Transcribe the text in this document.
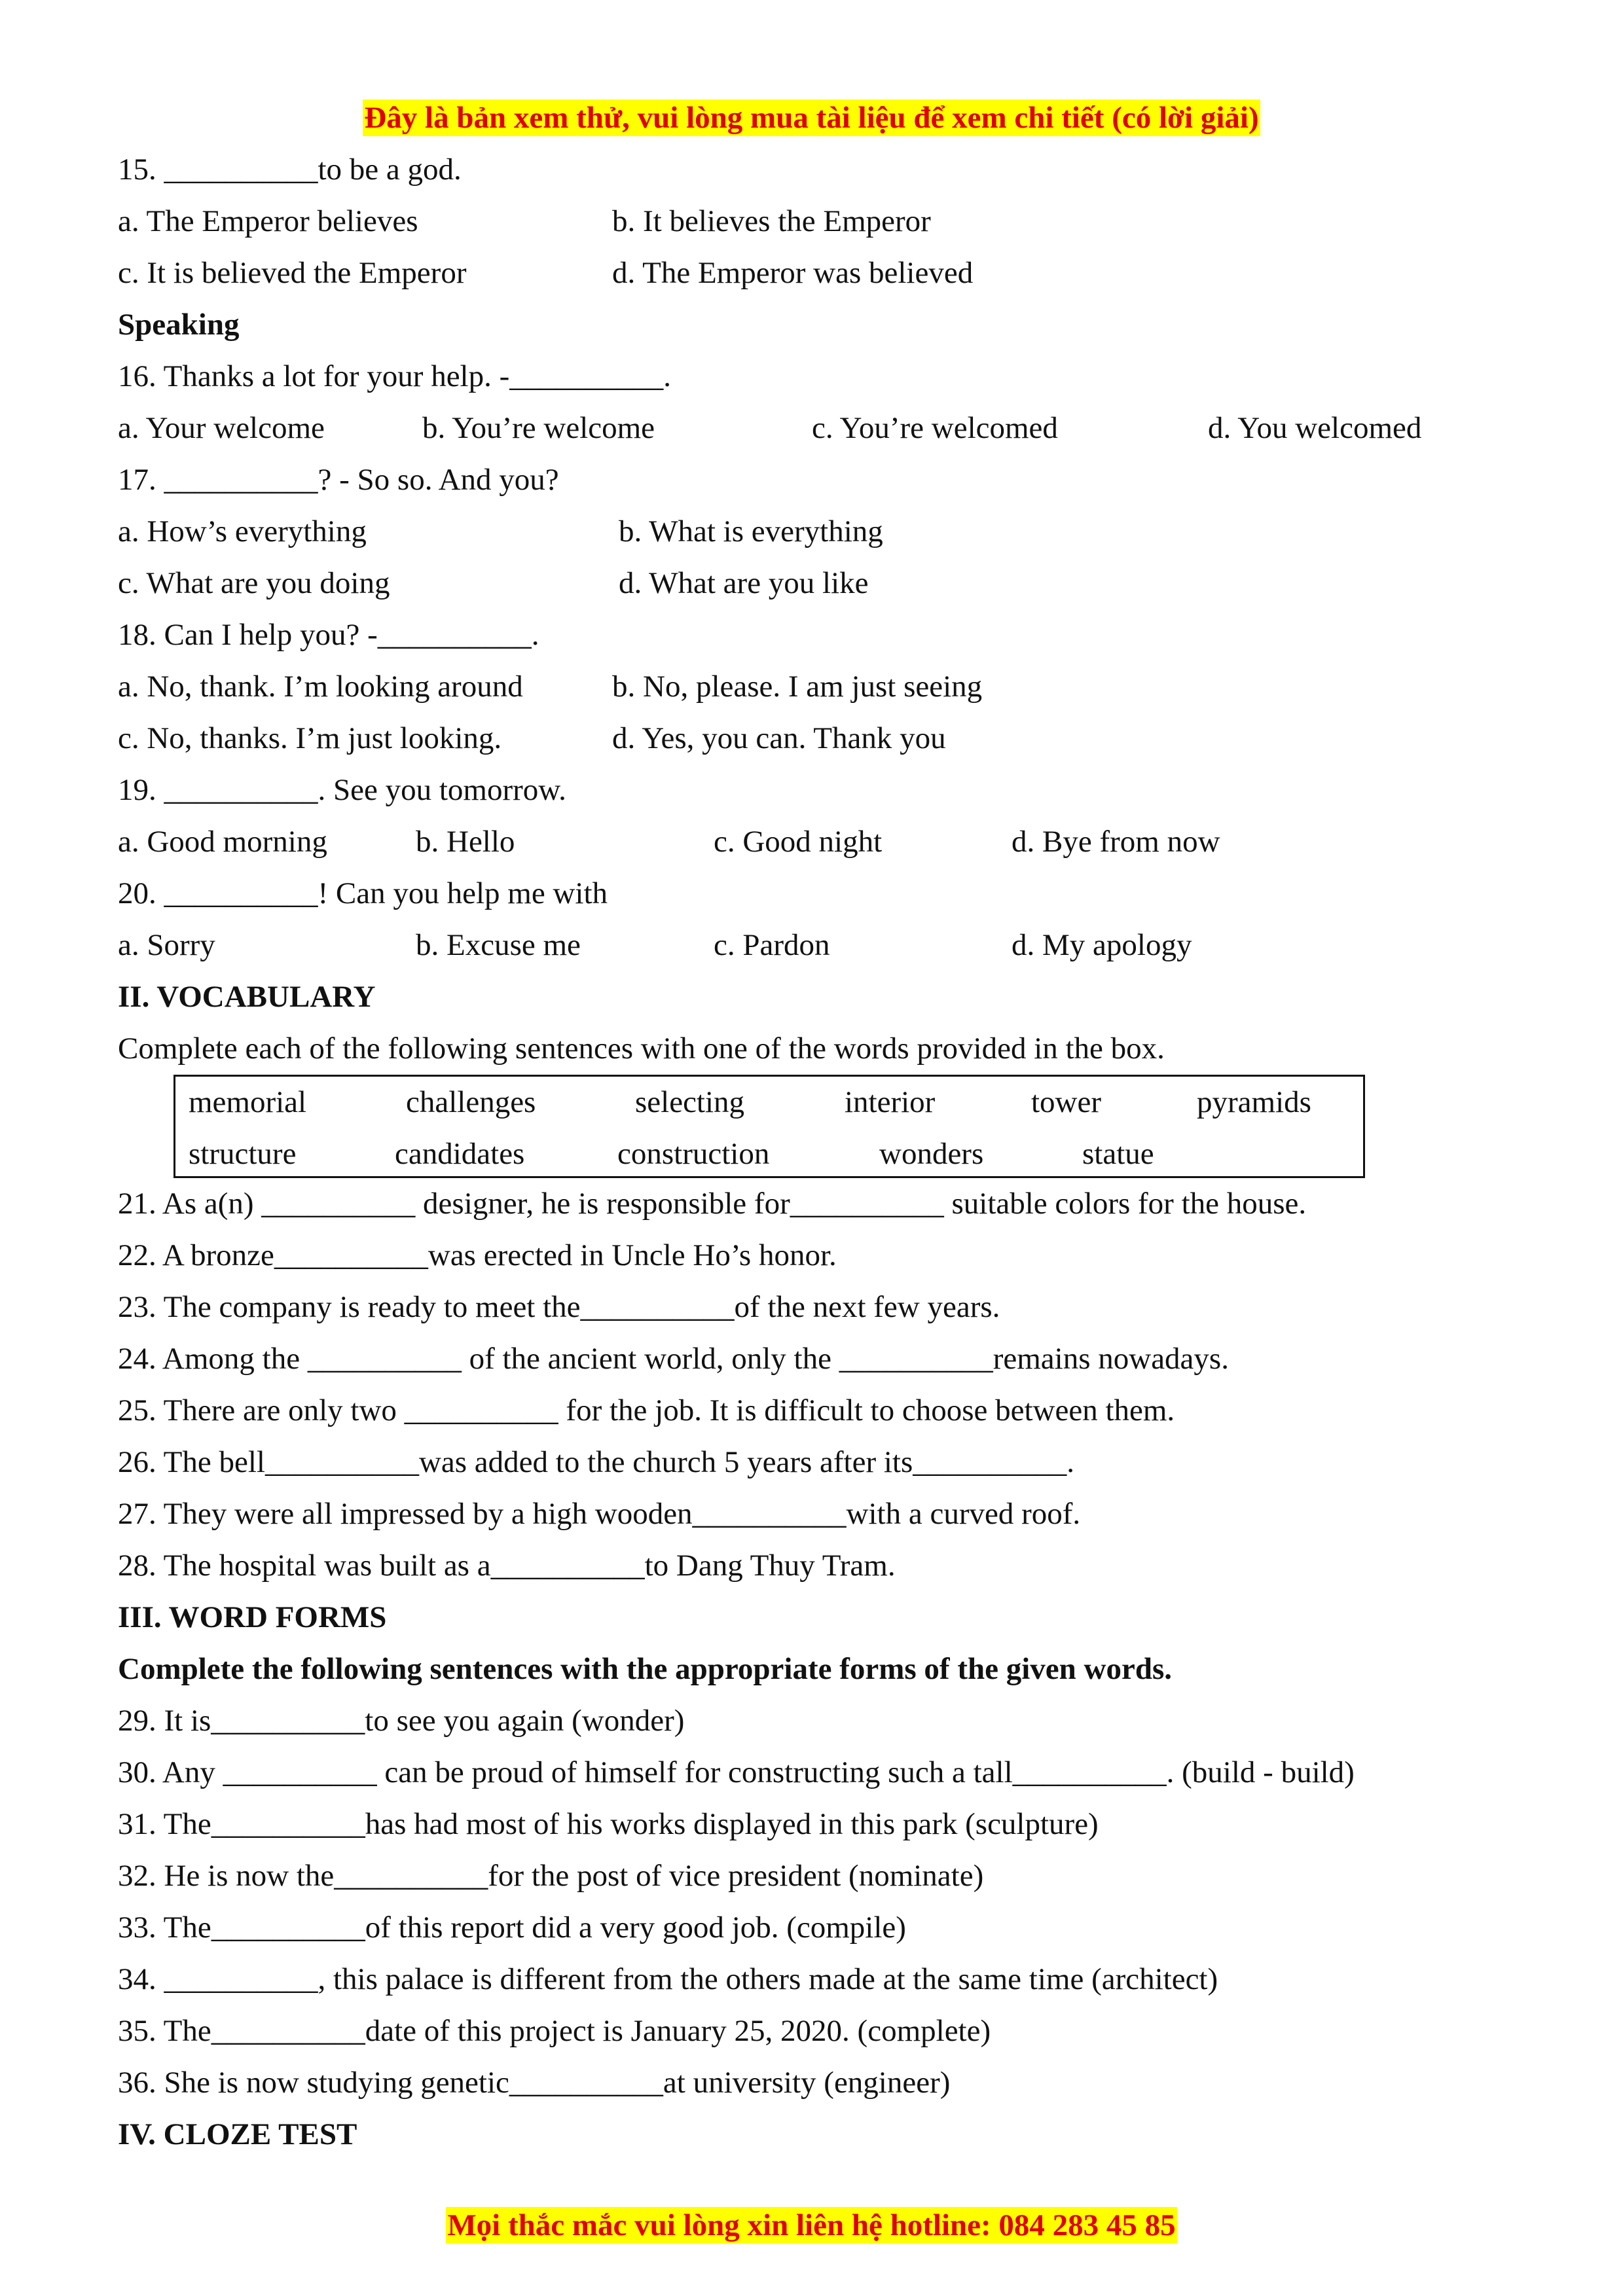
Đây là bản xem thử, vui lòng mua tài liệu để xem chi tiết (có lời giải)
15. __________to be a god.
a. The Emperor believes	b. It believes the Emperor
c. It is believed the Emperor	d. The Emperor was believed
Speaking
16. Thanks a lot for your help. -__________.
a. Your welcome	b. You’re welcome	c. You’re welcomed	d. You welcomed
17. __________? - So so. And you?
a. How’s everything	b. What is everything
c. What are you doing	d. What are you like
18. Can I help you? -__________.
a. No, thank. I’m looking around	b. No, please. I am just seeing
c. No, thanks. I’m just looking.	d. Yes, you can. Thank you
19. __________. See you tomorrow.
a. Good morning	b. Hello	c. Good night	d. Bye from now
20. __________! Can you help me with
a. Sorry	b. Excuse me	c. Pardon	d. My apology
II. VOCABULARY
Complete each of the following sentences with one of the words provided in the box.
memorial	challenges	selecting	interior	tower	pyramids
structure	candidates	construction	wonders	statue
21. As a(n) __________ designer, he is responsible for__________ suitable colors for the house.
22. A bronze__________was erected in Uncle Ho’s honor.
23. The company is ready to meet the__________of the next few years.
24. Among the __________ of the ancient world, only the __________remains nowadays.
25. There are only two __________ for the job. It is difficult to choose between them.
26. The bell__________was added to the church 5 years after its__________.
27. They were all impressed by a high wooden__________with a curved roof.
28. The hospital was built as a__________to Dang Thuy Tram.
III. WORD FORMS
Complete the following sentences with the appropriate forms of the given words.
29. It is__________to see you again (wonder)
30. Any __________ can be proud of himself for constructing such a tall__________. (build - build)
31. The__________has had most of his works displayed in this park (sculpture)
32. He is now the__________for the post of vice president (nominate)
33. The__________of this report did a very good job. (compile)
34. __________, this palace is different from the others made at the same time (architect)
35. The__________date of this project is January 25, 2020. (complete)
36. She is now studying genetic__________at university (engineer)
IV. CLOZE TEST
Mọi thắc mắc vui lòng xin liên hệ hotline: 084 283 45 85
